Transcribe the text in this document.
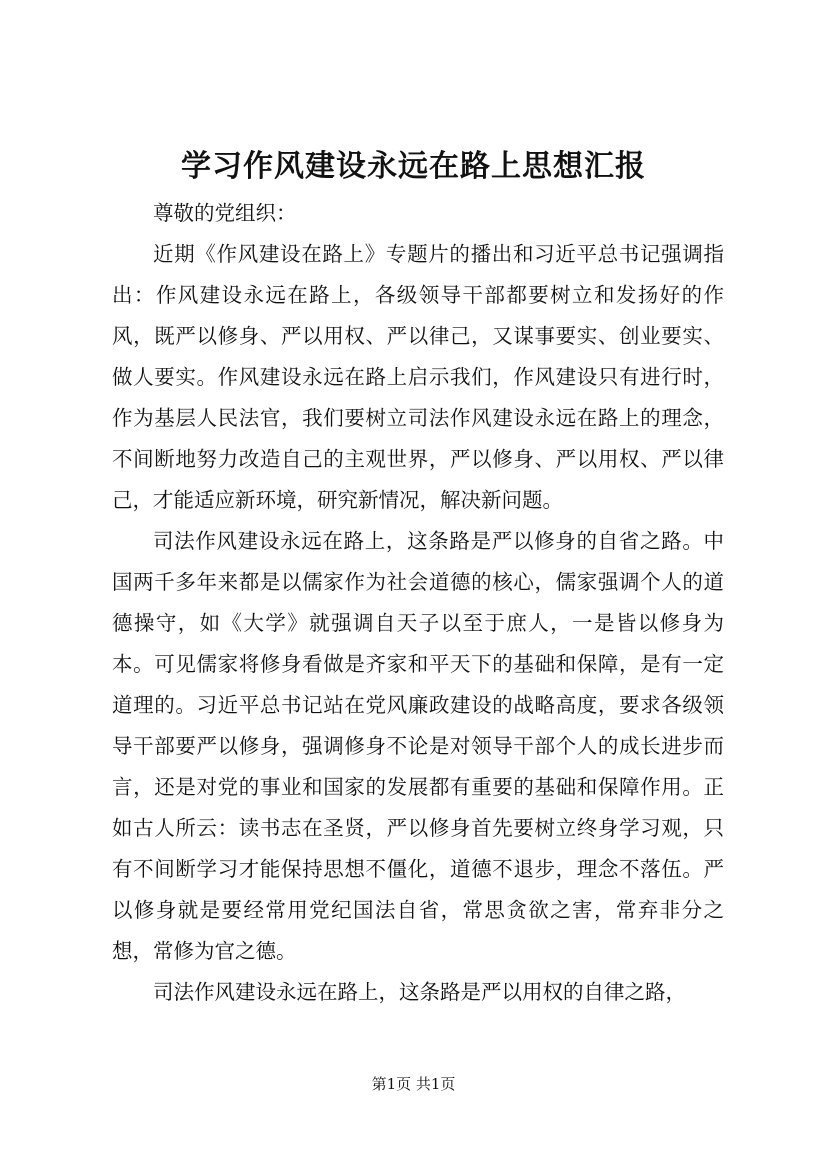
学习作风建设永远在路上思想汇报

尊敬的党组织：

近期《作风建设在路上》专题片的播出和习近平总书记强调指出：作风建设永远在路上，各级领导干部都要树立和发扬好的作风，既严以修身、严以用权、严以律己，又谋事要实、创业要实、做人要实。作风建设永远在路上启示我们，作风建设只有进行时，作为基层人民法官，我们要树立司法作风建设永远在路上的理念，不间断地努力改造自己的主观世界，严以修身、严以用权、严以律己，才能适应新环境，研究新情况，解决新问题。

司法作风建设永远在路上，这条路是严以修身的自省之路。中国两千多年来都是以儒家作为社会道德的核心，儒家强调个人的道德操守，如《大学》就强调自天子以至于庶人，一是皆以修身为本。可见儒家将修身看做是齐家和平天下的基础和保障，是有一定道理的。习近平总书记站在党风廉政建设的战略高度，要求各级领导干部要严以修身，强调修身不论是对领导干部个人的成长进步而言，还是对党的事业和国家的发展都有重要的基础和保障作用。正如古人所云：读书志在圣贤，严以修身首先要树立终身学习观，只有不间断学习才能保持思想不僵化，道德不退步，理念不落伍。严以修身就是要经常用党纪国法自省，常思贪欲之害，常弃非分之想，常修为官之德。

司法作风建设永远在路上，这条路是严以用权的自律之路，

第1页 共1页
